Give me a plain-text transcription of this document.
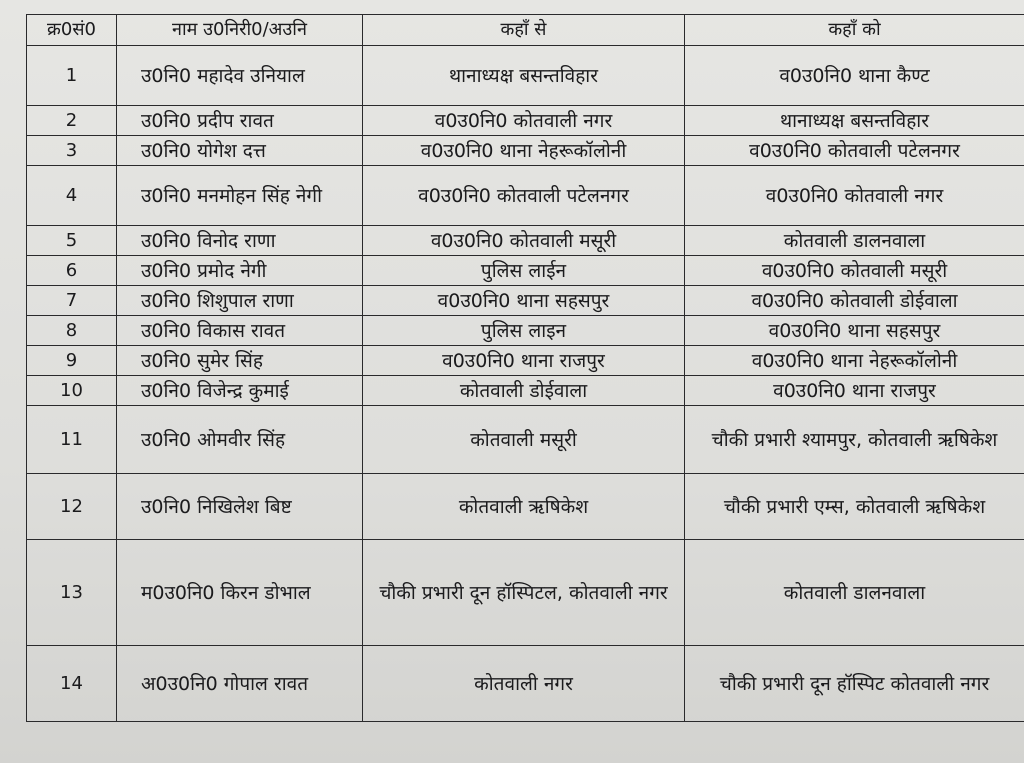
क्र0सं0	नाम उ0निरी0/अउनि	कहाँ से	कहाँ को
1	उ0नि0 महादेव उनियाल	थानाध्यक्ष बसन्तविहार	व0उ0नि0 थाना कैण्ट
2	उ0नि0 प्रदीप रावत	व0उ0नि0 कोतवाली नगर	थानाध्यक्ष बसन्तविहार
3	उ0नि0 योगेश दत्त	व0उ0नि0 थाना नेहरूकॉलोनी	व0उ0नि0 कोतवाली पटेलनगर
4	उ0नि0 मनमोहन सिंह नेगी	व0उ0नि0 कोतवाली पटेलनगर	व0उ0नि0 कोतवाली नगर
5	उ0नि0 विनोद राणा	व0उ0नि0 कोतवाली मसूरी	कोतवाली डालनवाला
6	उ0नि0 प्रमोद नेगी	पुलिस लाईन	व0उ0नि0 कोतवाली मसूरी
7	उ0नि0 शिशुपाल राणा	व0उ0नि0 थाना सहसपुर	व0उ0नि0 कोतवाली डोईवाला
8	उ0नि0 विकास रावत	पुलिस लाइन	व0उ0नि0 थाना सहसपुर
9	उ0नि0 सुमेर सिंह	व0उ0नि0 थाना राजपुर	व0उ0नि0 थाना नेहरूकॉलोनी
10	उ0नि0 विजेन्द्र कुमाई	कोतवाली डोईवाला	व0उ0नि0 थाना राजपुर
11	उ0नि0 ओमवीर सिंह	कोतवाली मसूरी	चौकी प्रभारी श्यामपुर, कोतवाली ऋषिकेश
12	उ0नि0 निखिलेश बिष्ट	कोतवाली ऋषिकेश	चौकी प्रभारी एम्स, कोतवाली ऋषिकेश
13	म0उ0नि0 किरन डोभाल	चौकी प्रभारी दून हॉस्पिटल, कोतवाली नगर	कोतवाली डालनवाला
14	अ0उ0नि0 गोपाल रावत	कोतवाली नगर	चौकी प्रभारी दून हॉस्पिट कोतवाली नगर
